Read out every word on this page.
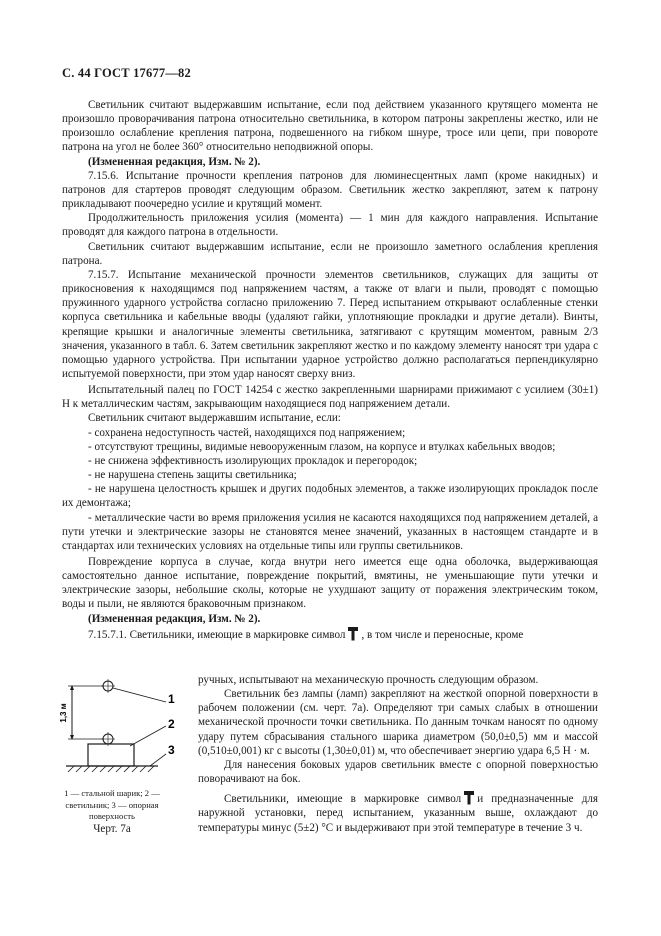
С. 44 ГОСТ 17677—82

Светильник считают выдержавшим испытание, если под действием указанного крутящего момента не произошло проворачивания патрона относительно светильника, в котором патроны закреплены жестко, или не произошло ослабление крепления патрона, подвешенного на гибком шнуре, тросе или цепи, при повороте патрона на угол не более 360° относительно неподвижной опоры.

(Измененная редакция, Изм. № 2).

7.15.6. Испытание прочности крепления патронов для люминесцентных ламп (кроме накидных) и патронов для стартеров проводят следующим образом. Светильник жестко закрепляют, затем к патрону прикладывают поочередно усилие и крутящий момент.

Продолжительность приложения усилия (момента) — 1 мин для каждого направления. Испытание проводят для каждого патрона в отдельности.

Светильник считают выдержавшим испытание, если не произошло заметного ослабления крепления патрона.

7.15.7. Испытание механической прочности элементов светильников, служащих для защиты от прикосновения к находящимся под напряжением частям, а также от влаги и пыли, проводят с помощью пружинного ударного устройства согласно приложению 7. Перед испытанием открывают ослабленные стенки корпуса светильника и кабельные вводы (удаляют гайки, уплотняющие прокладки и другие детали). Винты, крепящие крышки и аналогичные элементы светильника, затягивают с крутящим моментом, равным 2/3 значения, указанного в табл. 6. Затем светильник закрепляют жестко и по каждому элементу наносят три удара с помощью ударного устройства. При испытании ударное устройство должно располагаться перпендикулярно испытуемой поверхности, при этом удар наносят сверху вниз.

Испытательный палец по ГОСТ 14254 с жестко закрепленными шарнирами прижимают с усилием (30±1) Н к металлическим частям, закрывающим находящиеся под напряжением детали.

Светильник считают выдержавшим испытание, если:

- сохранена недоступность частей, находящихся под напряжением;

- отсутствуют трещины, видимые невооруженным глазом, на корпусе и втулках кабельных вводов;

- не снижена эффективность изолирующих прокладок и перегородок;

- не нарушена степень защиты светильника;

- не нарушена целостность крышек и других подобных элементов, а также изолирующих прокладок после их демонтажа;

- металлические части во время приложения усилия не касаются находящихся под напряжением деталей, а пути утечки и электрические зазоры не становятся менее значений, указанных в настоящем стандарте и в стандартах или технических условиях на отдельные типы или группы светильников.

Повреждение корпуса в случае, когда внутри него имеется еще одна оболочка, выдерживающая самостоятельно данное испытание, повреждение покрытий, вмятины, не уменьшающие пути утечки и электрические зазоры, небольшие сколы, которые не ухудшают защиту от поражения электрическим током, воды и пыли, не являются браковочным признаком.

(Измененная редакция, Изм. № 2).

7.15.7.1. Светильники, имеющие в маркировке символ , в том числе и переносные, кроме

ручных, испытывают на механическую прочность следующим образом.

Светильник без лампы (ламп) закрепляют на жесткой опорной поверхности в рабочем положении (см. черт. 7а). Определяют три самых слабых в отношении механической прочности точки светильника. По данным точкам наносят по одному удару путем сбрасывания стального шарика диаметром (50,0±0,5) мм и массой (0,510±0,001) кг с высоты (1,30±0,01) м, что обеспечивает энергию удара 6,5 Н · м.

Для нанесения боковых ударов светильник вместе с опорной поверхностью поворачивают на бок.

Светильники, имеющие в маркировке символ и предназначенные для наружной установки, перед испытанием, указанным выше, охлаждают до температуры минус (5±2) °С и выдерживают при этой температуре в течение 3 ч.

1,3 м
1
2
3
1 — стальной шарик; 2 — светильник; 3 — опорная поверхность
Черт. 7а
